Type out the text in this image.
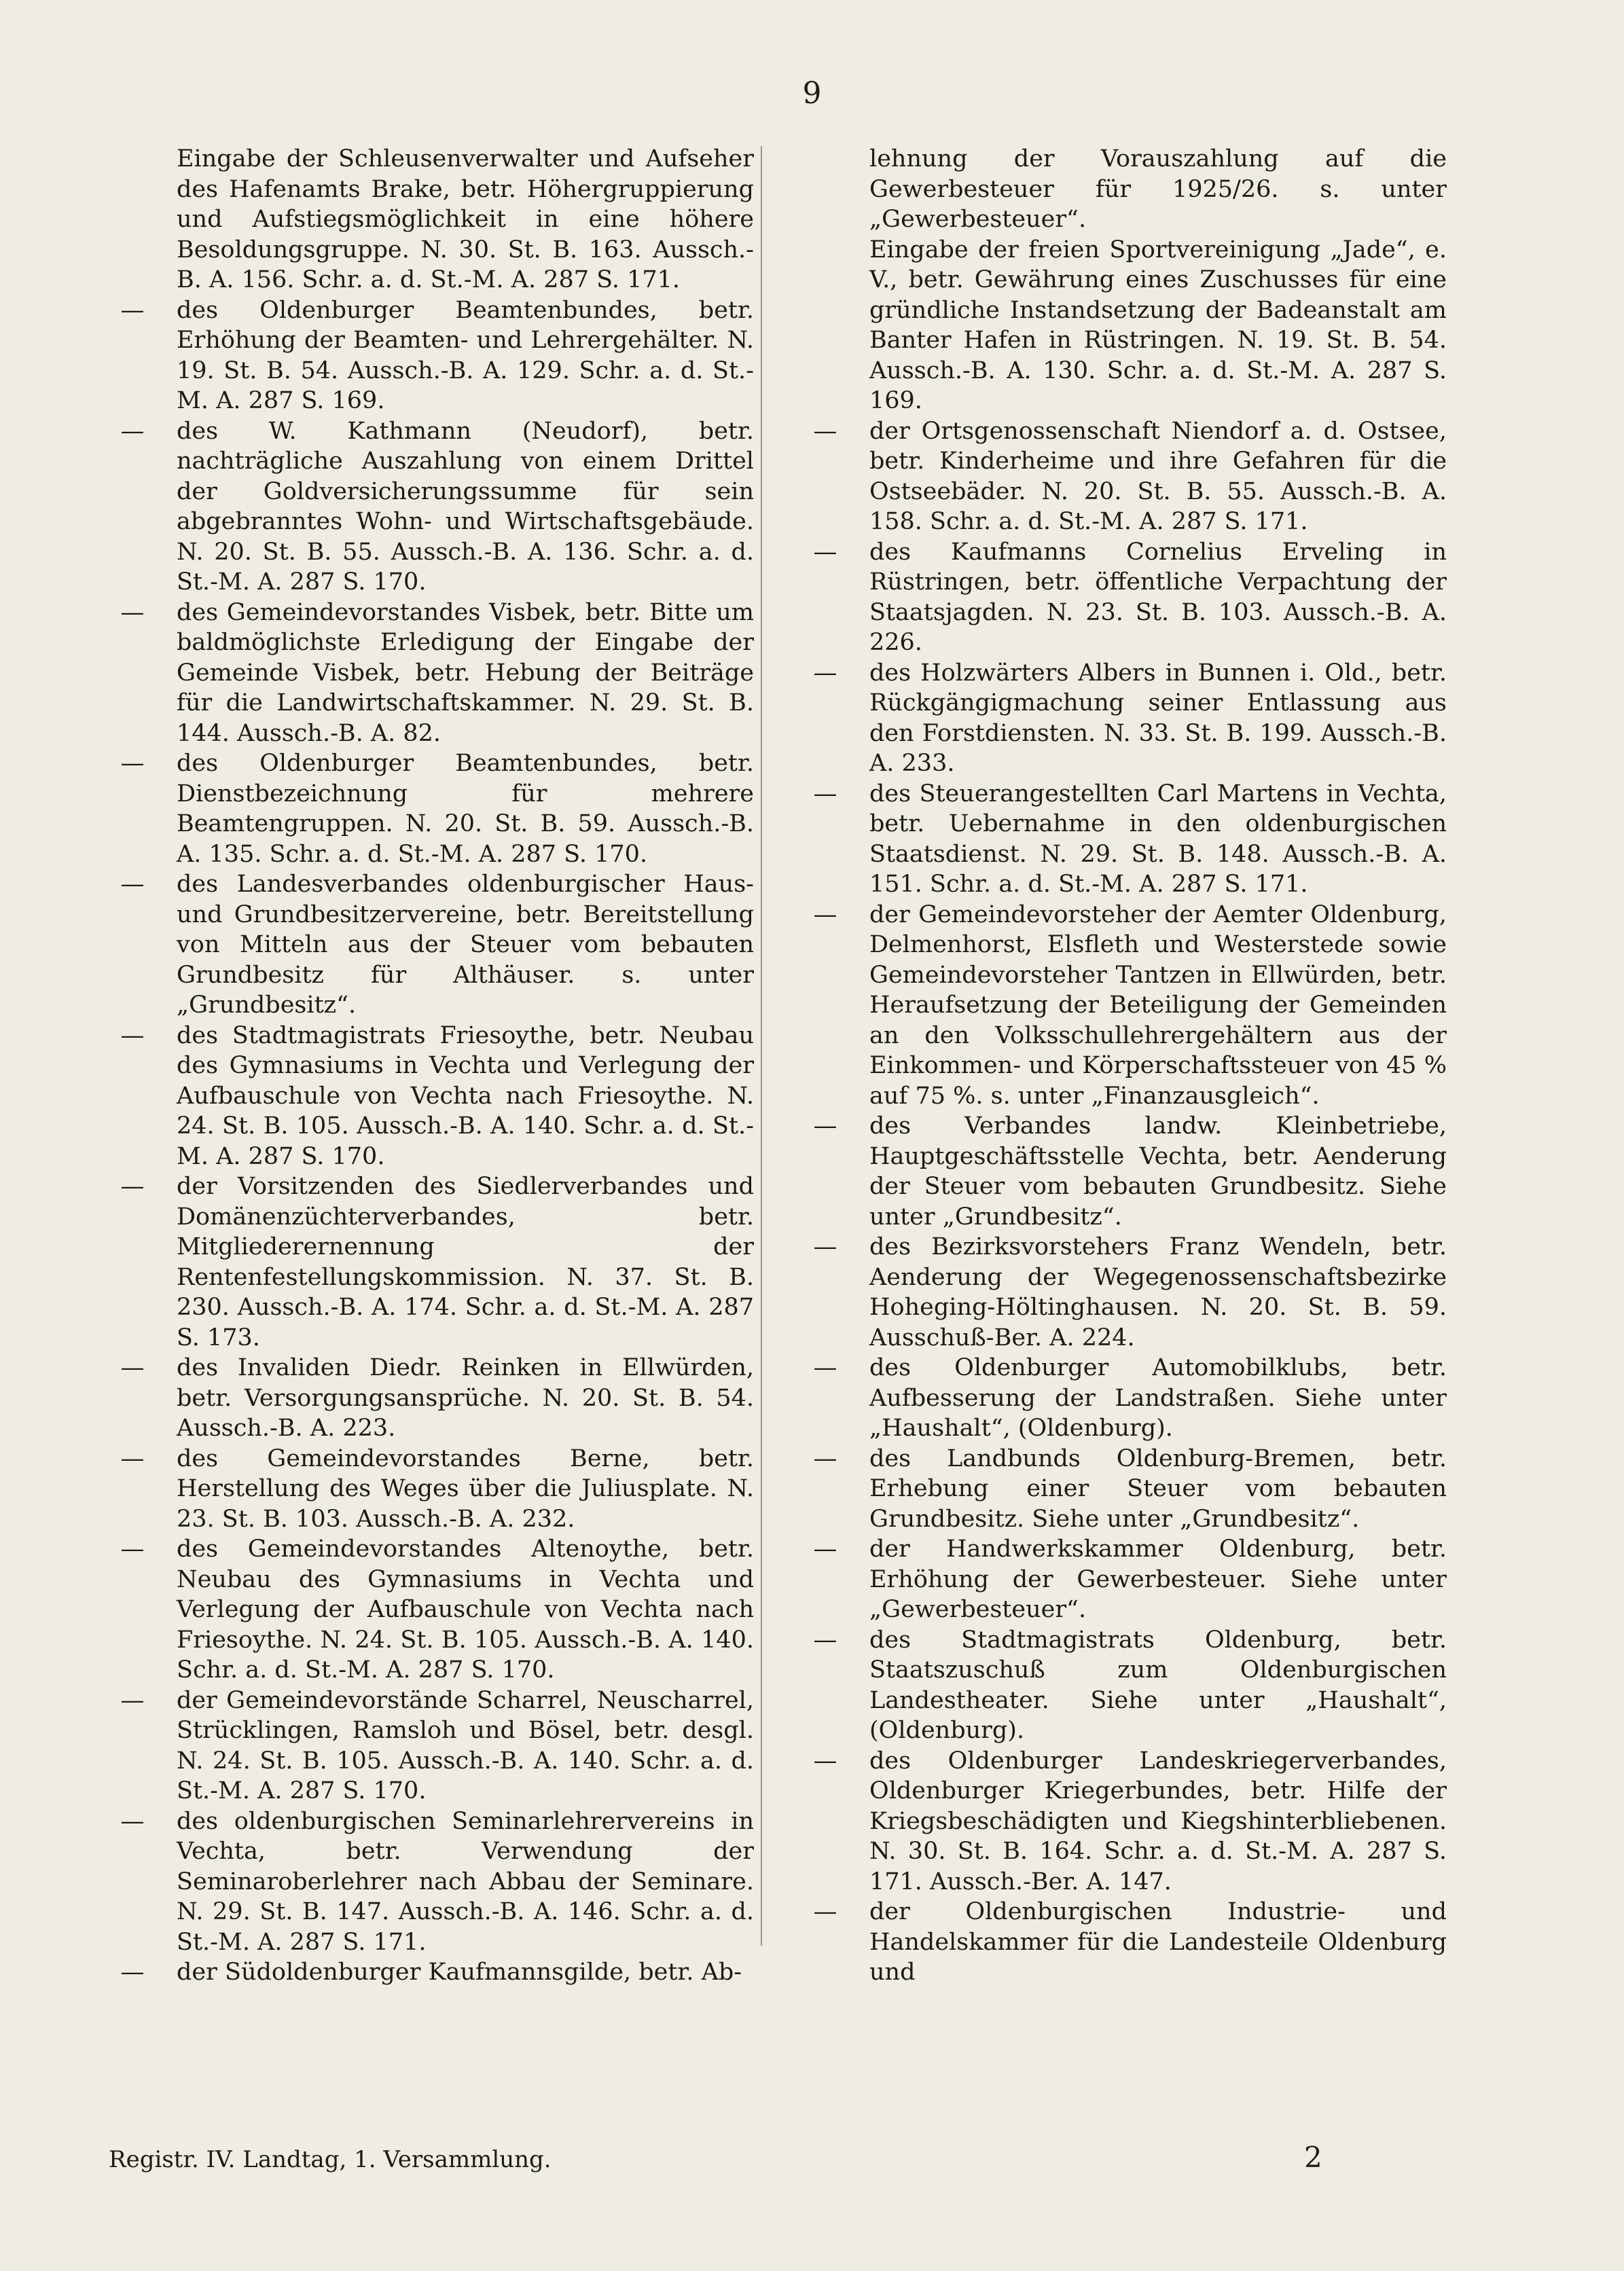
9

Eingabe der Schleusenverwalter und Aufseher des Hafenamts Brake, betr. Höhergruppierung und Aufstiegsmöglichkeit in eine höhere Besoldungsgruppe. N. 30. St. B. 163. Aussch.-B. A. 156. Schr. a. d. St.-M. A. 287 S. 171.

— des Oldenburger Beamtenbundes, betr. Erhöhung der Beamten- und Lehrergehälter. N. 19. St. B. 54. Aussch.-B. A. 129. Schr. a. d. St.-M. A. 287 S. 169.

— des W. Kathmann (Neudorf), betr. nachträgliche Auszahlung von einem Drittel der Goldversicherungssumme für sein abgebranntes Wohn- und Wirtschaftsgebäude. N. 20. St. B. 55. Aussch.-B. A. 136. Schr. a. d. St.-M. A. 287 S. 170.

— des Gemeindevorstandes Visbek, betr. Bitte um baldmöglichste Erledigung der Eingabe der Gemeinde Visbek, betr. Hebung der Beiträge für die Landwirtschaftskammer. N. 29. St. B. 144. Aussch.-B. A. 82.

— des Oldenburger Beamtenbundes, betr. Dienstbezeichnung für mehrere Beamtengruppen. N. 20. St. B. 59. Aussch.-B. A. 135. Schr. a. d. St.-M. A. 287 S. 170.

— des Landesverbandes oldenburgischer Haus- und Grundbesitzervereine, betr. Bereitstellung von Mitteln aus der Steuer vom bebauten Grundbesitz für Althäuser. s. unter „Grundbesitz“.

— des Stadtmagistrats Friesoythe, betr. Neubau des Gymnasiums in Vechta und Verlegung der Aufbauschule von Vechta nach Friesoythe. N. 24. St. B. 105. Aussch.-B. A. 140. Schr. a. d. St.-M. A. 287 S. 170.

— der Vorsitzenden des Siedlerverbandes und Domänenzüchterverbandes, betr. Mitgliederernennung der Rentenfestellungskommission. N. 37. St. B. 230. Aussch.-B. A. 174. Schr. a. d. St.-M. A. 287 S. 173.

— des Invaliden Diedr. Reinken in Ellwürden, betr. Versorgungsansprüche. N. 20. St. B. 54. Aussch.-B. A. 223.

— des Gemeindevorstandes Berne, betr. Herstellung des Weges über die Juliusplate. N. 23. St. B. 103. Aussch.-B. A. 232.

— des Gemeindevorstandes Altenoythe, betr. Neubau des Gymnasiums in Vechta und Verlegung der Aufbauschule von Vechta nach Friesoythe. N. 24. St. B. 105. Aussch.-B. A. 140. Schr. a. d. St.-M. A. 287 S. 170.

— der Gemeindevorstände Scharrel, Neuscharrel, Strücklingen, Ramsloh und Bösel, betr. desgl. N. 24. St. B. 105. Aussch.-B. A. 140. Schr. a. d. St.-M. A. 287 S. 170.

— des oldenburgischen Seminarlehrervereins in Vechta, betr. Verwendung der Seminaroberlehrer nach Abbau der Seminare. N. 29. St. B. 147. Aussch.-B. A. 146. Schr. a. d. St.-M. A. 287 S. 171.

— der Südoldenburger Kaufmannsgilde, betr. Ab-

lehnung der Vorauszahlung auf die Gewerbesteuer für 1925/26. s. unter „Gewerbesteuer“.

Eingabe der freien Sportvereinigung „Jade“, e. V., betr. Gewährung eines Zuschusses für eine gründliche Instandsetzung der Badeanstalt am Banter Hafen in Rüstringen. N. 19. St. B. 54. Aussch.-B. A. 130. Schr. a. d. St.-M. A. 287 S. 169.

— der Ortsgenossenschaft Niendorf a. d. Ostsee, betr. Kinderheime und ihre Gefahren für die Ostseebäder. N. 20. St. B. 55. Aussch.-B. A. 158. Schr. a. d. St.-M. A. 287 S. 171.

— des Kaufmanns Cornelius Erveling in Rüstringen, betr. öffentliche Verpachtung der Staatsjagden. N. 23. St. B. 103. Aussch.-B. A. 226.

— des Holzwärters Albers in Bunnen i. Old., betr. Rückgängigmachung seiner Entlassung aus den Forstdiensten. N. 33. St. B. 199. Aussch.-B. A. 233.

— des Steuerangestellten Carl Martens in Vechta, betr. Uebernahme in den oldenburgischen Staatsdienst. N. 29. St. B. 148. Aussch.-B. A. 151. Schr. a. d. St.-M. A. 287 S. 171.

— der Gemeindevorsteher der Aemter Oldenburg, Delmenhorst, Elsfleth und Westerstede sowie Gemeindevorsteher Tantzen in Ellwürden, betr. Heraufsetzung der Beteiligung der Gemeinden an den Volksschullehrergehältern aus der Einkommen- und Körperschaftssteuer von 45 % auf 75 %. s. unter „Finanzausgleich“.

— des Verbandes landw. Kleinbetriebe, Hauptgeschäftsstelle Vechta, betr. Aenderung der Steuer vom bebauten Grundbesitz. Siehe unter „Grundbesitz“.

— des Bezirksvorstehers Franz Wendeln, betr. Aenderung der Wegegenossenschaftsbezirke Hoheging-Höltinghausen. N. 20. St. B. 59. Ausschuß-Ber. A. 224.

— des Oldenburger Automobilklubs, betr. Aufbesserung der Landstraßen. Siehe unter „Haushalt“, (Oldenburg).

— des Landbunds Oldenburg-Bremen, betr. Erhebung einer Steuer vom bebauten Grundbesitz. Siehe unter „Grundbesitz“.

— der Handwerkskammer Oldenburg, betr. Erhöhung der Gewerbesteuer. Siehe unter „Gewerbesteuer“.

— des Stadtmagistrats Oldenburg, betr. Staatszuschuß zum Oldenburgischen Landestheater. Siehe unter „Haushalt“, (Oldenburg).

— des Oldenburger Landeskriegerverbandes, Oldenburger Kriegerbundes, betr. Hilfe der Kriegsbeschädigten und Kiegshinterbliebenen. N. 30. St. B. 164. Schr. a. d. St.-M. A. 287 S. 171. Aussch.-Ber. A. 147.

— der Oldenburgischen Industrie- und Handelskammer für die Landesteile Oldenburg und

Registr. IV. Landtag, 1. Versammlung.	2
